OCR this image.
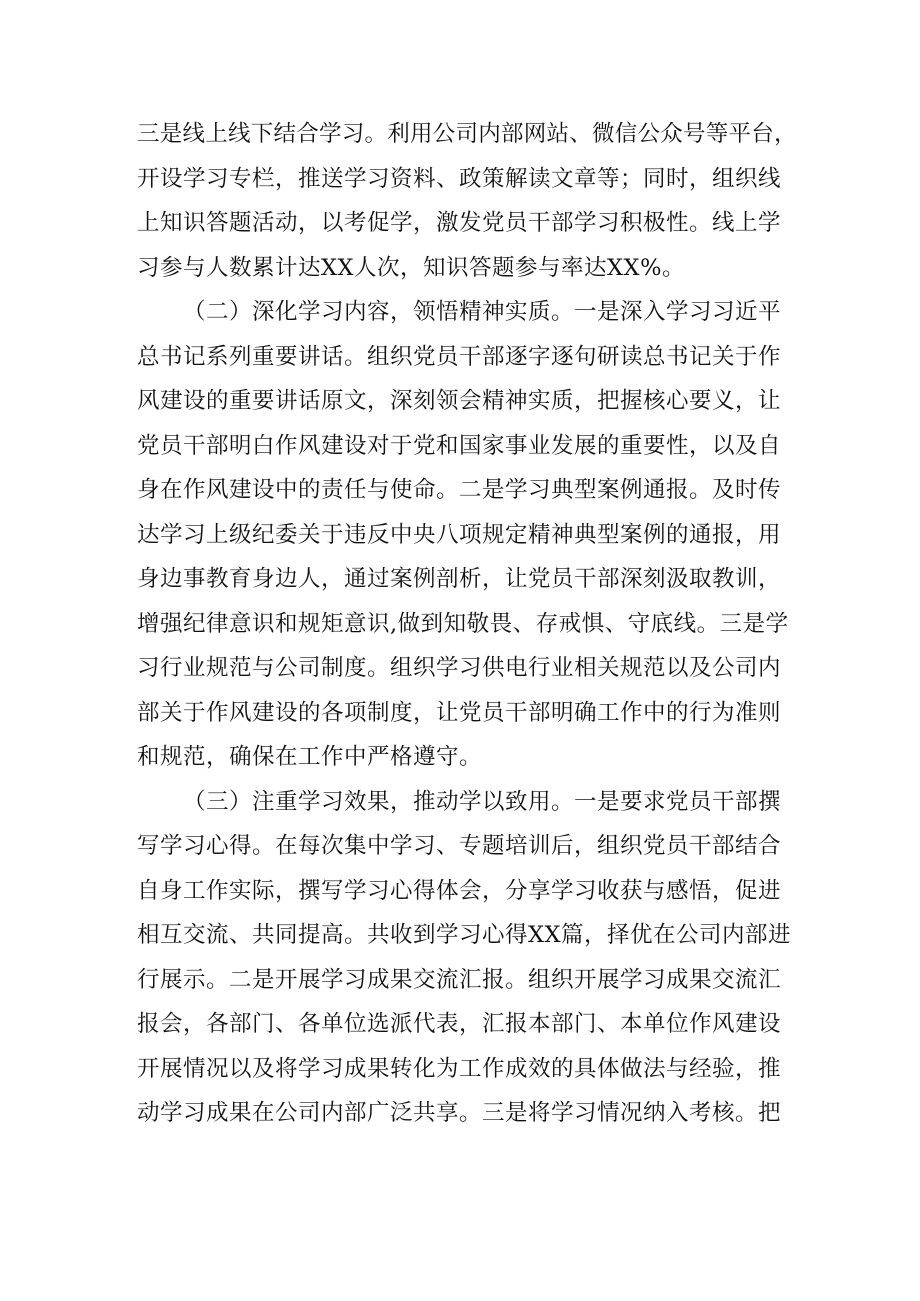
三是线上线下结合学习。利用公司内部网站、微信公众号等平台，
开设学习专栏，推送学习资料、政策解读文章等；同时，组织线
上知识答题活动，以考促学，激发党员干部学习积极性。线上学
习参与人数累计达XX人次，知识答题参与率达XX%。
（二）深化学习内容，领悟精神实质。一是深入学习习近平
总书记系列重要讲话。组织党员干部逐字逐句研读总书记关于作
风建设的重要讲话原文，深刻领会精神实质，把握核心要义，让
党员干部明白作风建设对于党和国家事业发展的重要性，以及自
身在作风建设中的责任与使命。二是学习典型案例通报。及时传
达学习上级纪委关于违反中央八项规定精神典型案例的通报，用
身边事教育身边人，通过案例剖析，让党员干部深刻汲取教训，
增强纪律意识和规矩意识,做到知敬畏、存戒惧、守底线。三是学
习行业规范与公司制度。组织学习供电行业相关规范以及公司内
部关于作风建设的各项制度，让党员干部明确工作中的行为准则
和规范，确保在工作中严格遵守。
（三）注重学习效果，推动学以致用。一是要求党员干部撰
写学习心得。在每次集中学习、专题培训后，组织党员干部结合
自身工作实际，撰写学习心得体会，分享学习收获与感悟，促进
相互交流、共同提高。共收到学习心得XX篇，择优在公司内部进
行展示。二是开展学习成果交流汇报。组织开展学习成果交流汇
报会，各部门、各单位选派代表，汇报本部门、本单位作风建设
开展情况以及将学习成果转化为工作成效的具体做法与经验，推
动学习成果在公司内部广泛共享。三是将学习情况纳入考核。把
